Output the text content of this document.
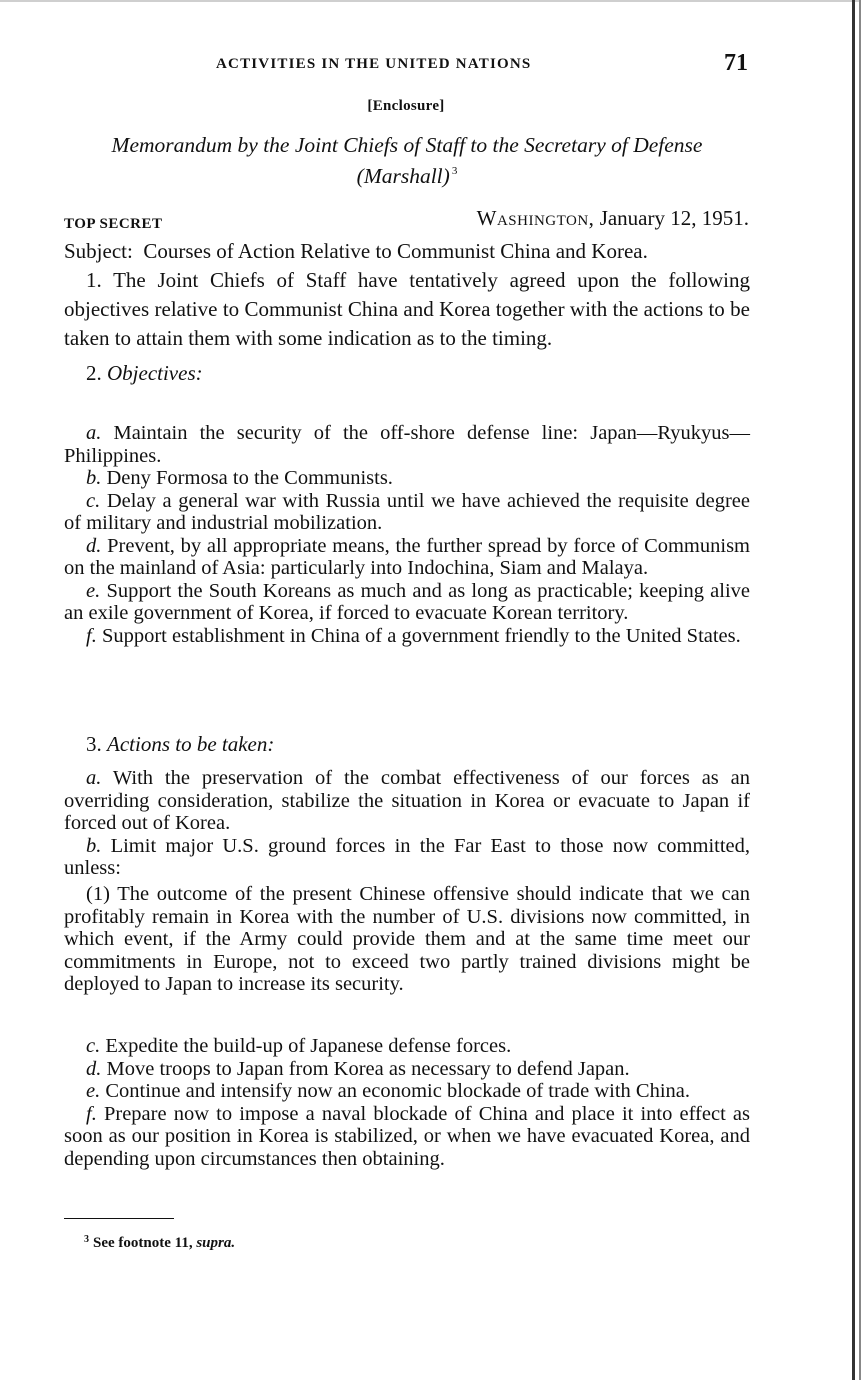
ACTIVITIES IN THE UNITED NATIONS	71
[Enclosure]
Memorandum by the Joint Chiefs of Staff to the Secretary of Defense
(Marshall) $^3$
TOP SECRET	Washington, January 12, 1951.

Subject: Courses of Action Relative to Communist China and Korea.

1. The Joint Chiefs of Staff have tentatively agreed upon the following objectives relative to Communist China and Korea together with the actions to be taken to attain them with some indication as to the timing.

2. Objectives:

a. Maintain the security of the off-shore defense line: Japan—Ryukyus—Philippines.

b. Deny Formosa to the Communists.

c. Delay a general war with Russia until we have achieved the requisite degree of military and industrial mobilization.

d. Prevent, by all appropriate means, the further spread by force of Communism on the mainland of Asia: particularly into Indochina, Siam and Malaya.

e. Support the South Koreans as much and as long as practicable; keeping alive an exile government of Korea, if forced to evacuate Korean territory.

f. Support establishment in China of a government friendly to the United States.

3. Actions to be taken:

a. With the preservation of the combat effectiveness of our forces as an overriding consideration, stabilize the situation in Korea or evacuate to Japan if forced out of Korea.

b. Limit major U.S. ground forces in the Far East to those now committed, unless:

(1) The outcome of the present Chinese offensive should indicate that we can profitably remain in Korea with the number of U.S. divisions now committed, in which event, if the Army could provide them and at the same time meet our commitments in Europe, not to exceed two partly trained divisions might be deployed to Japan to increase its security.

c. Expedite the build-up of Japanese defense forces.

d. Move troops to Japan from Korea as necessary to defend Japan.

e. Continue and intensify now an economic blockade of trade with China.

f. Prepare now to impose a naval blockade of China and place it into effect as soon as our position in Korea is stabilized, or when we have evacuated Korea, and depending upon circumstances then obtaining.

$^3$ See footnote 11, supra.
